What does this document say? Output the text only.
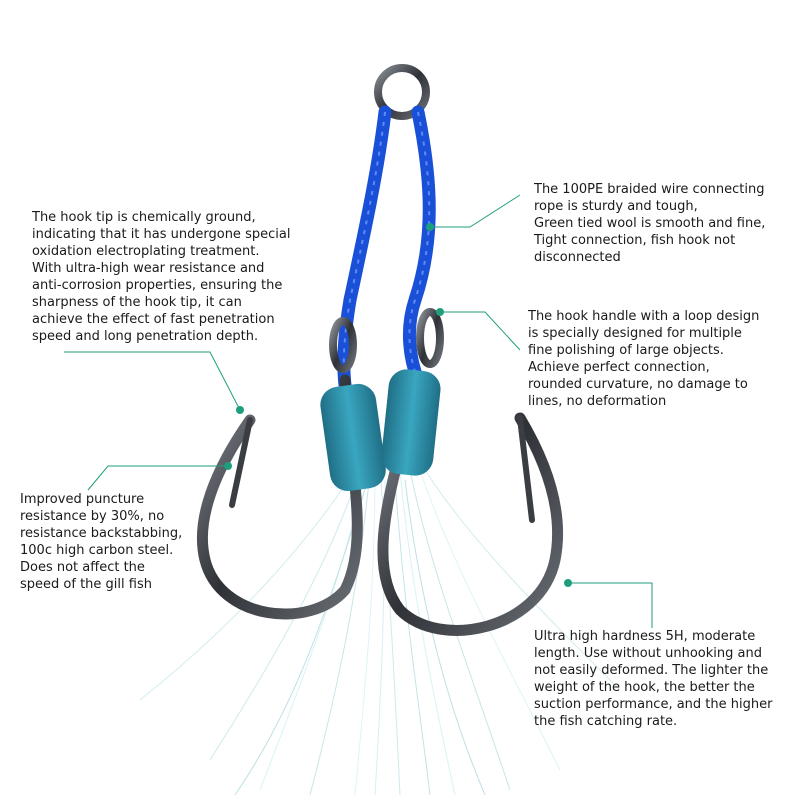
The hook tip is chemically ground,
indicating that it has undergone special
oxidation electroplating treatment.
With ultra-high wear resistance and
anti-corrosion properties, ensuring the
sharpness of the hook tip, it can
achieve the effect of fast penetration
speed and long penetration depth.
The 100PE braided wire connecting
rope is sturdy and tough,
Green tied wool is smooth and fine,
Tight connection, fish hook not
disconnected
The hook handle with a loop design
is specially designed for multiple
fine polishing of large objects.
Achieve perfect connection,
rounded curvature, no damage to
lines, no deformation
Improved puncture
resistance by 30%, no
resistance backstabbing,
100c high carbon steel.
Does not affect the
speed of the gill fish
Ultra high hardness 5H, moderate
length. Use without unhooking and
not easily deformed. The lighter the
weight of the hook, the better the
suction performance, and the higher
the fish catching rate.
